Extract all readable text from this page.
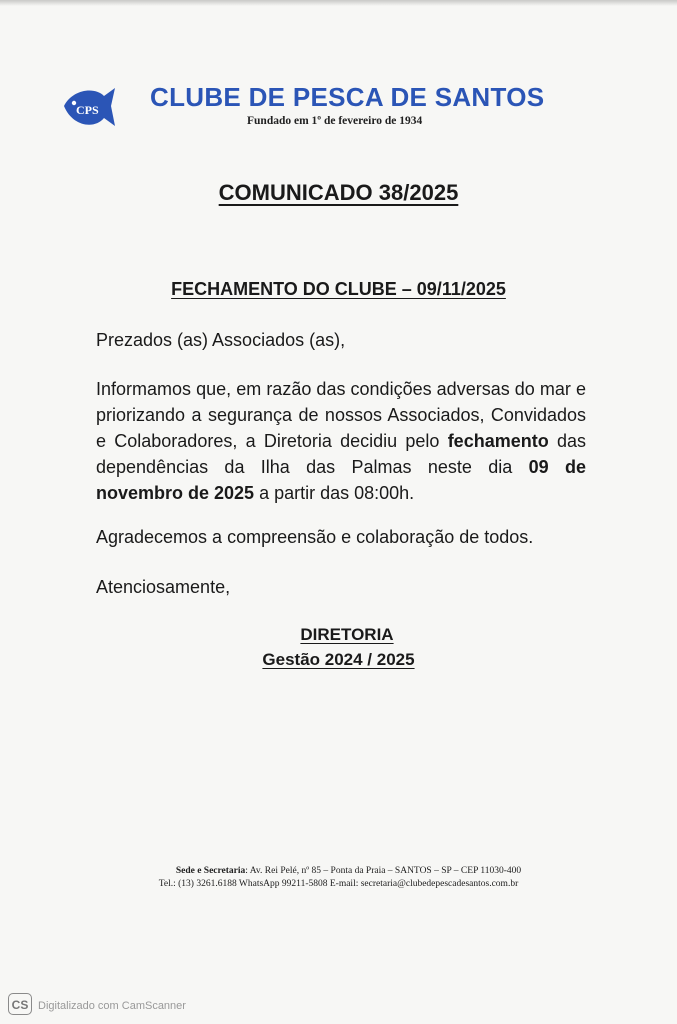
CPS CLUBE DE PESCA DE SANTOS
Fundado em 1º de fevereiro de 1934
COMUNICADO 38/2025
FECHAMENTO DO CLUBE – 09/11/2025
Prezados (as) Associados (as),

Informamos que, em razão das condições adversas do mar e priorizando a segurança de nossos Associados, Convidados e Colaboradores, a Diretoria decidiu pelo fechamento das dependências da Ilha das Palmas neste dia 09 de novembro de 2025 a partir das 08:00h.

Agradecemos a compreensão e colaboração de todos.
Atenciosamente,
DIRETORIA
Gestão 2024 / 2025
Sede e Secretaria: Av. Rei Pelé, nº 85 – Ponta da Praia – SANTOS – SP – CEP 11030-400
Tel.: (13) 3261.6188 WhatsApp 99211-5808 E-mail: secretaria@clubedepescadesantos.com.br
CS Digitalizado com CamScanner
